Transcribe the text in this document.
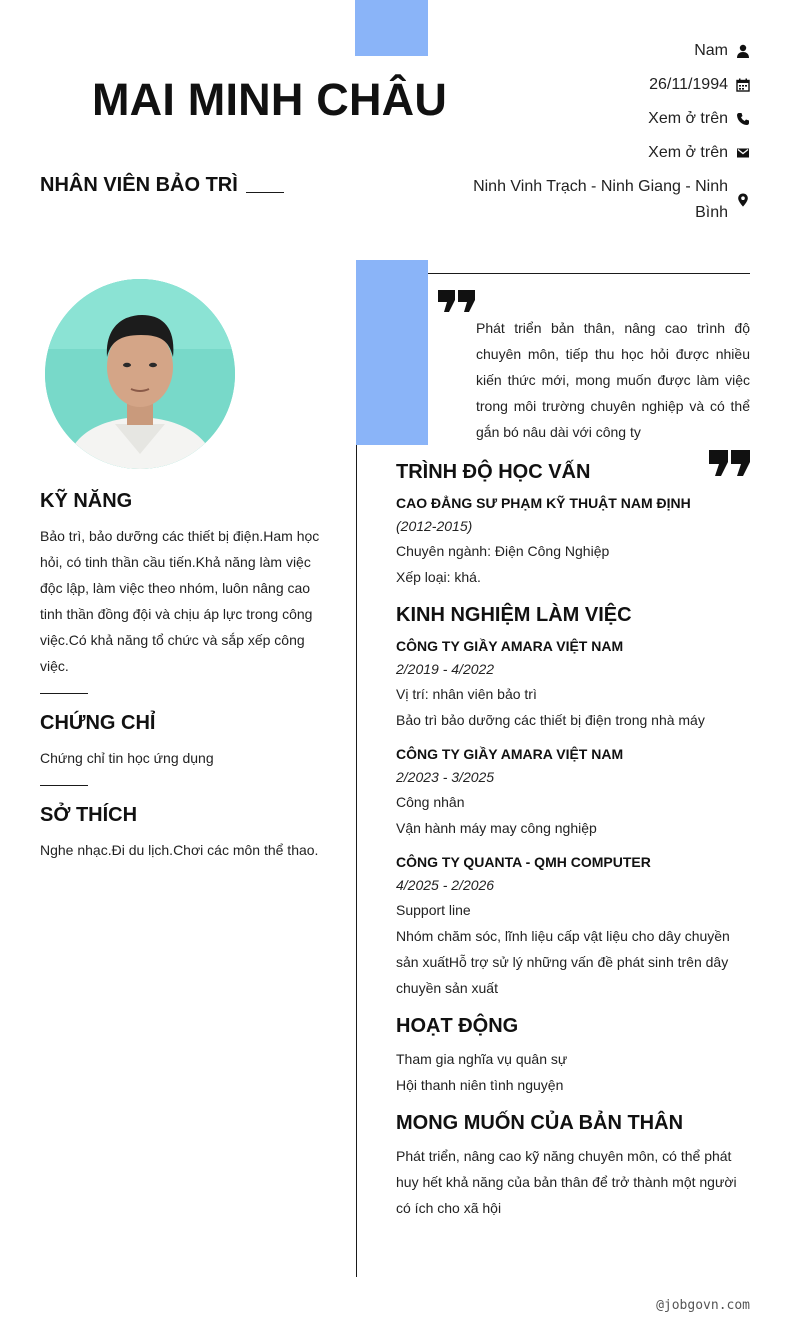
MAI MINH CHÂU
NHÂN VIÊN BẢO TRÌ
Nam
26/11/1994
Xem ở trên
Xem ở trên
Ninh Vinh Trạch - Ninh Giang - Ninh Bình
KỸ NĂNG

Bảo trì, bảo dưỡng các thiết bị điện.Ham học hỏi, có tinh thần cầu tiến.Khả năng làm việc độc lập, làm việc theo nhóm, luôn nâng cao tinh thần đồng đội và chịu áp lực trong công việc.Có khả năng tổ chức và sắp xếp công việc.

CHỨNG CHỈ

Chứng chỉ tin học ứng dụng

SỞ THÍCH

Nghe nhạc.Đi du lịch.Chơi các môn thể thao.

Phát triển bản thân, nâng cao trình độ chuyên môn, tiếp thu học hỏi được nhiều kiến thức mới, mong muốn được làm việc trong môi trường chuyên nghiệp và có thể gắn bó nâu dài với công ty

TRÌNH ĐỘ HỌC VẤN
CAO ĐẲNG SƯ PHẠM KỸ THUẬT NAM ĐỊNH
(2012-2015)
Chuyên ngành: Điện Công Nghiệp
Xếp loại: khá.
KINH NGHIỆM LÀM VIỆC
CÔNG TY GIẦY AMARA VIỆT NAM
2/2019 - 4/2022
Vị trí: nhân viên bảo trì
Bảo trì bảo dưỡng các thiết bị điện trong nhà máy
CÔNG TY GIẦY AMARA VIỆT NAM
2/2023 - 3/2025
Công nhân
Vận hành máy may công nghiệp
CÔNG TY QUANTA - QMH COMPUTER
4/2025 - 2/2026
Support line
Nhóm chăm sóc, lĩnh liệu cấp vật liệu cho dây chuyền sản xuấtHỗ trợ sử lý những vấn đề phát sinh trên dây chuyền sản xuất
HOẠT ĐỘNG
Tham gia nghĩa vụ quân sự
Hội thanh niên tình nguyện
MONG MUỐN CỦA BẢN THÂN

Phát triển, nâng cao kỹ năng chuyên môn, có thể phát huy hết khả năng của bản thân để trở thành một người có ích cho xã hội

@jobgovn.com
